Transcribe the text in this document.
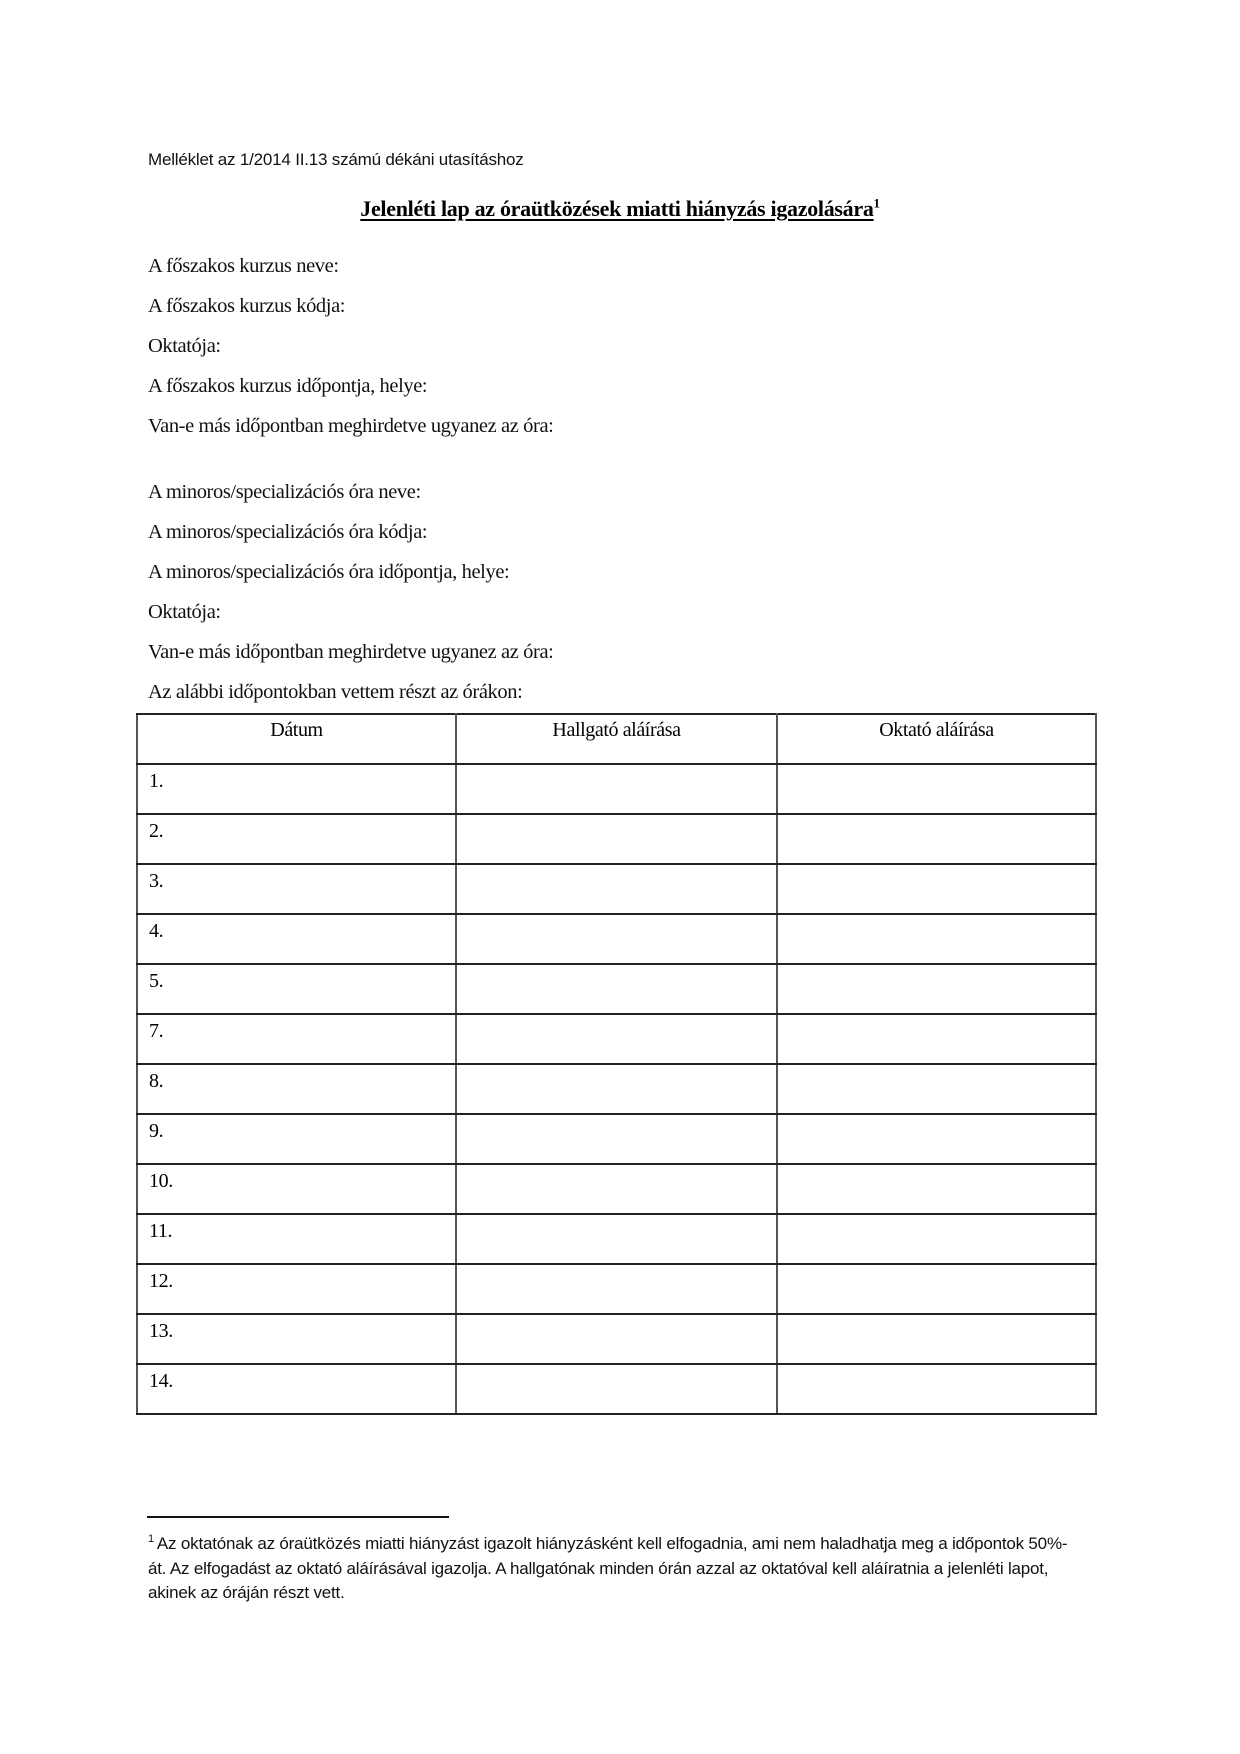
Melléklet az 1/2014 II.13 számú dékáni utasításhoz
Jelenléti lap az óraütközések miatti hiányzás igazolására$^1$
A főszakos kurzus neve:
A főszakos kurzus kódja:
Oktatója:
A főszakos kurzus időpontja, helye:
Van-e más időpontban meghirdetve ugyanez az óra:
A minoros/specializációs óra neve:
A minoros/specializációs óra kódja:
A minoros/specializációs óra időpontja, helye:
Oktatója:
Van-e más időpontban meghirdetve ugyanez az óra:
Az alábbi időpontokban vettem részt az órákon:
Dátum	Hallgató aláírása	Oktató aláírása
1.		
2.		
3.		
4.		
5.		
7.		
8.		
9.		
10.		
11.		
12.		
13.		
14.		
$^1$ Az oktatónak az óraütközés miatti hiányzást igazolt hiányzásként kell elfogadnia, ami nem haladhatja meg a időpontok 50%-át. Az elfogadást az oktató aláírásával igazolja. A hallgatónak minden órán azzal az oktatóval kell aláíratnia a jelenléti lapot, akinek az óráján részt vett.
